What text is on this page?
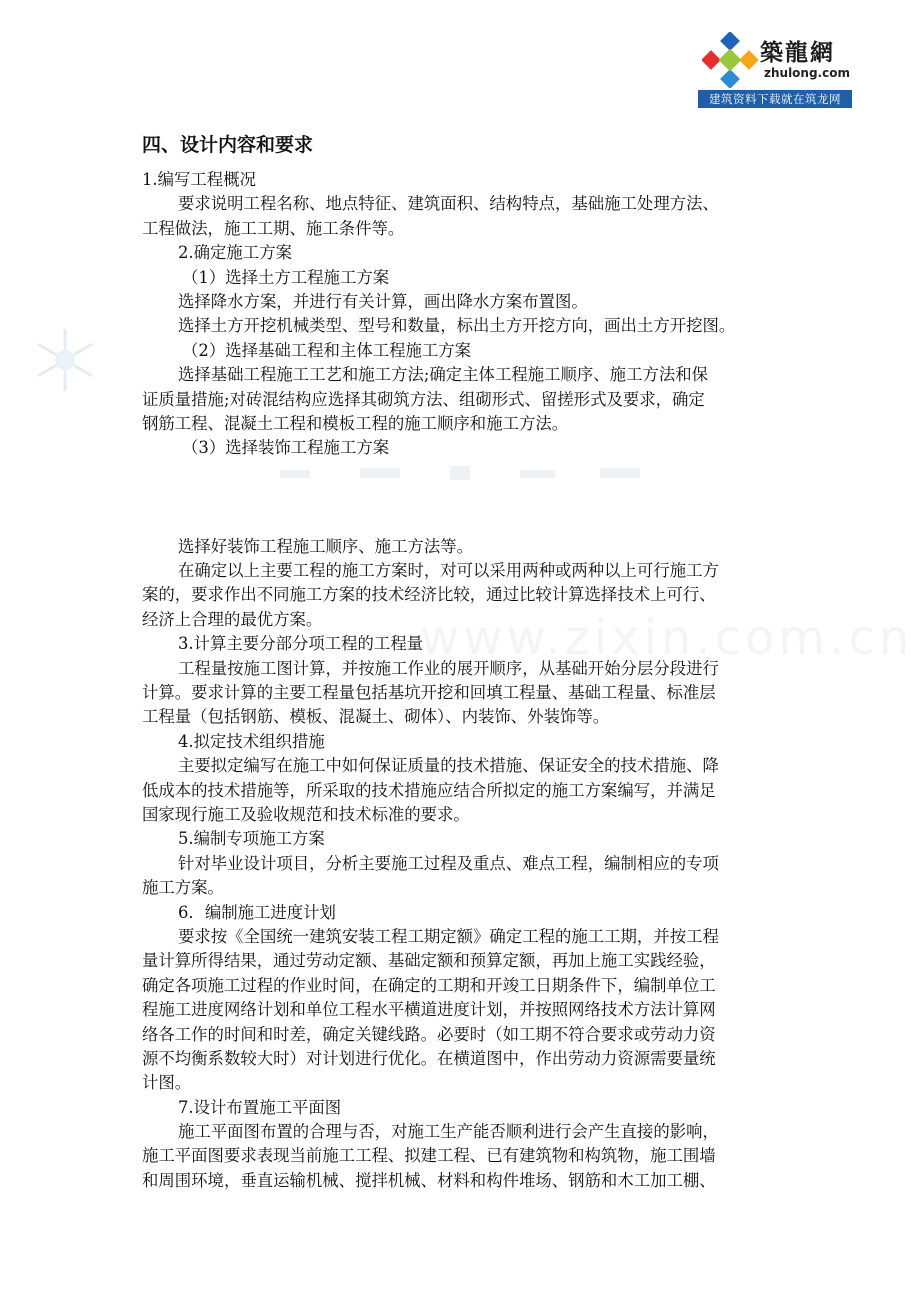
築龍網
zhulong.com
建筑资料下载就在筑龙网
四、设计内容和要求
1.编写工程概况
要求说明工程名称、地点特征、建筑面积、结构特点，基础施工处理方法、
工程做法，施工工期、施工条件等。
2.确定施工方案
（1）选择土方工程施工方案
选择降水方案，并进行有关计算，画出降水方案布置图。
选择土方开挖机械类型、型号和数量，标出土方开挖方向，画出土方开挖图。
（2）选择基础工程和主体工程施工方案
选择基础工程施工工艺和施工方法;确定主体工程施工顺序、施工方法和保
证质量措施;对砖混结构应选择其砌筑方法、组砌形式、留搓形式及要求，确定
钢筋工程、混凝土工程和模板工程的施工顺序和施工方法。
（3）选择装饰工程施工方案
选择好装饰工程施工顺序、施工方法等。
在确定以上主要工程的施工方案时，对可以采用两种或两种以上可行施工方
案的，要求作出不同施工方案的技术经济比较，通过比较计算选择技术上可行、
经济上合理的最优方案。
3.计算主要分部分项工程的工程量
工程量按施工图计算，并按施工作业的展开顺序，从基础开始分层分段进行
计算。要求计算的主要工程量包括基坑开挖和回填工程量、基础工程量、标准层
工程量（包括钢筋、模板、混凝土、砌体）、内装饰、外装饰等。
4.拟定技术组织措施
主要拟定编写在施工中如何保证质量的技术措施、保证安全的技术措施、降
低成本的技术措施等，所采取的技术措施应结合所拟定的施工方案编写，并满足
国家现行施工及验收规范和技术标准的要求。
5.编制专项施工方案
针对毕业设计项目，分析主要施工过程及重点、难点工程，编制相应的专项
施工方案。
6．编制施工进度计划
要求按《全国统一建筑安装工程工期定额》确定工程的施工工期，并按工程
量计算所得结果，通过劳动定额、基础定额和预算定额，再加上施工实践经验，
确定各项施工过程的作业时间，在确定的工期和开竣工日期条件下，编制单位工
程施工进度网络计划和单位工程水平横道进度计划，并按照网络技术方法计算网
络各工作的时间和时差，确定关键线路。必要时（如工期不符合要求或劳动力资
源不均衡系数较大时）对计划进行优化。在横道图中，作出劳动力资源需要量统
计图。
7.设计布置施工平面图
施工平面图布置的合理与否，对施工生产能否顺利进行会产生直接的影响，
施工平面图要求表现当前施工工程、拟建工程、已有建筑物和构筑物，施工围墙
和周围环境，垂直运输机械、搅拌机械、材料和构件堆场、钢筋和木工加工棚、
